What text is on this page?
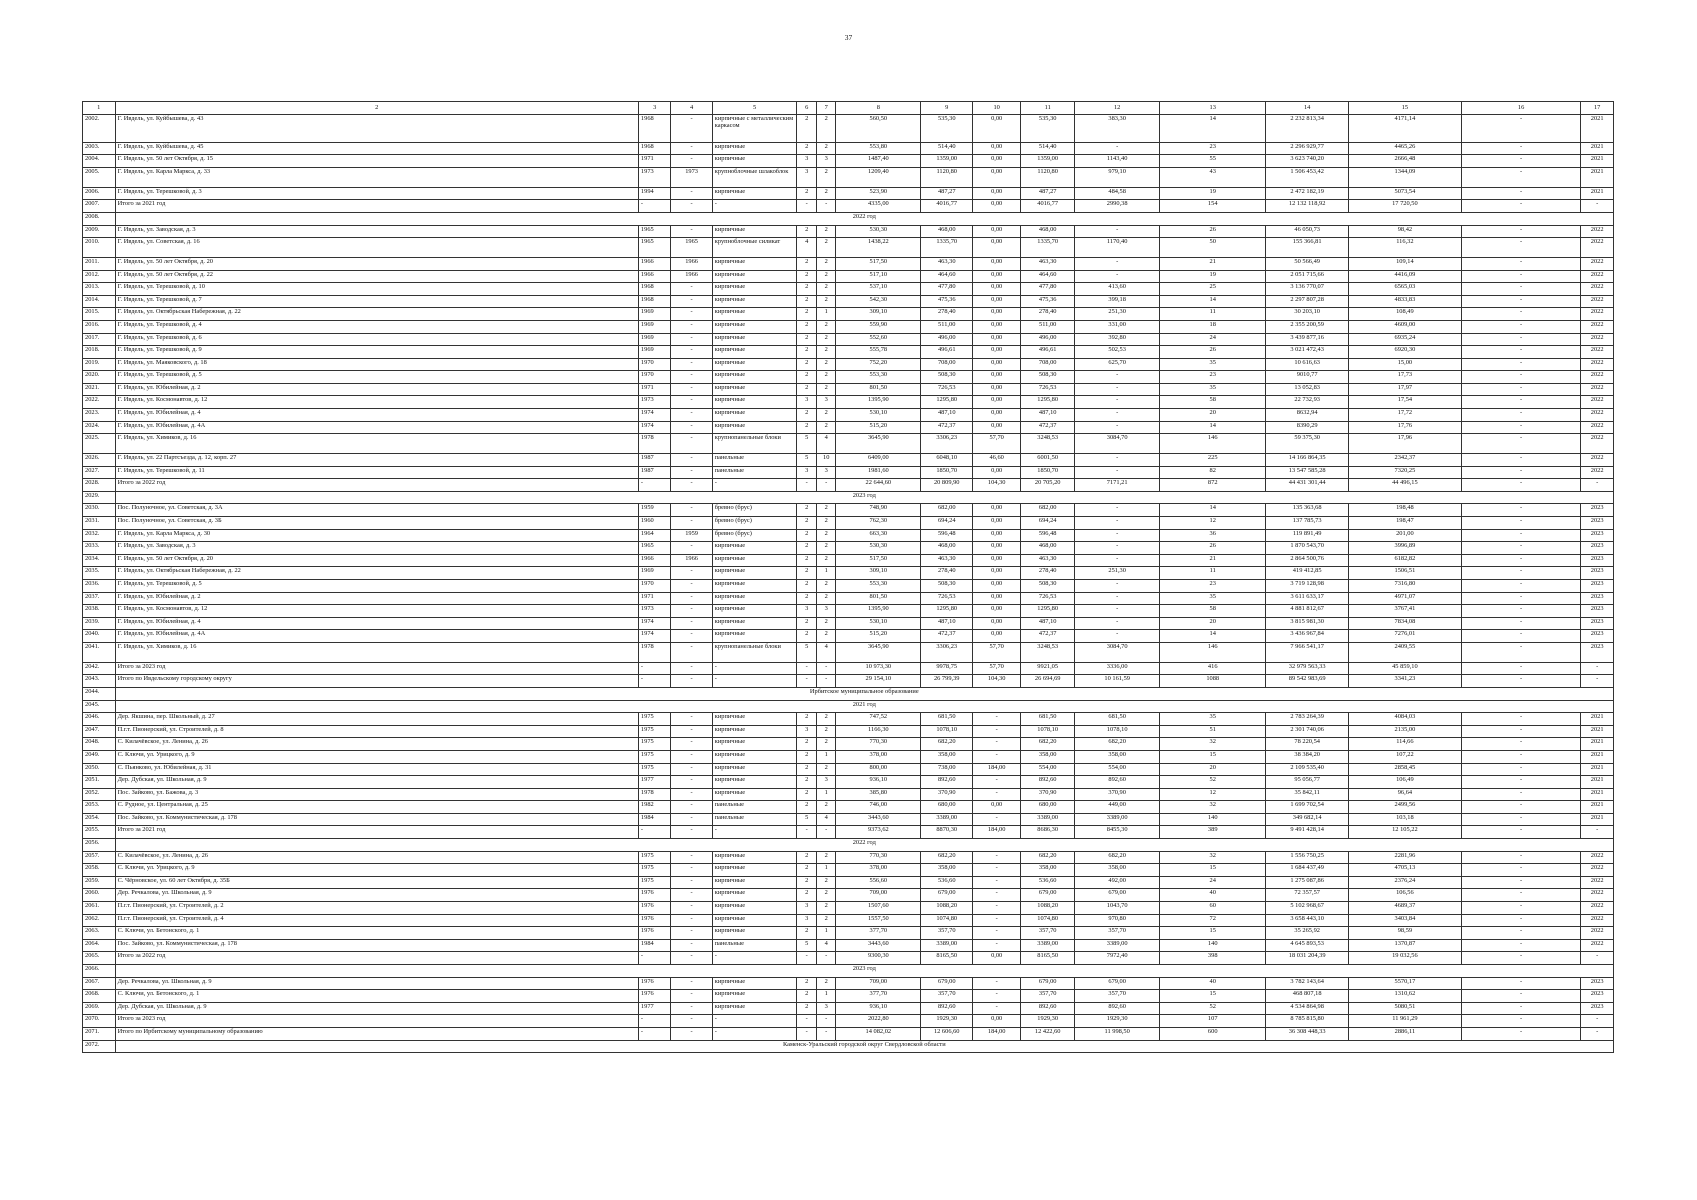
37
1	2	3	4	5	6	7	8	9	10	11	12	13	14	15	16	17
2002.	Г. Ивдель, ул. Куйбышева, д. 43	1968	-	кирпичные с металлическим каркасом	2	2	560,50	535,30	0,00	535,30	383,30	14	2 232 813,34	4171,14	-	2021
2003.	Г. Ивдель, ул. Куйбышева, д. 45	1968	-	кирпичные	2	2	553,80	514,40	0,00	514,40	-	23	2 296 929,77	4465,26	-	2021
2004.	Г. Ивдель, ул. 50 лет Октября, д. 15	1971	-	кирпичные	3	3	1487,40	1359,00	0,00	1359,00	1143,40	55	3 623 740,20	2666,48	-	2021
2005.	Г. Ивдель, ул. Карла Маркса, д. 33	1973	1973	крупноблочные шлакоблок	3	2	1209,40	1120,80	0,00	1120,80	979,10	43	1 506 453,42	1344,09	-	2021
2006.	Г. Ивдель, ул. Терешковой, д. 3	1994	-	кирпичные	2	2	523,90	487,27	0,00	487,27	484,58	19	2 472 182,19	5073,54	-	2021
2007.	Итого за 2021 год	-	-	-	-	-	4335,00	4016,77	0,00	4016,77	2990,38	154	12 132 118,92	17 720,50	-	-
2008.	2022 год															
2009.	Г. Ивдель, ул. Заводская, д. 3	1965	-	кирпичные	2	2	530,30	468,00	0,00	468,00	-	26	46 050,73	98,42	-	2022
2010.	Г. Ивдель, ул. Советская, д. 16	1965	1965	крупноблочные силикат	4	2	1438,22	1335,70	0,00	1335,70	1170,40	50	155 366,81	116,32	-	2022
2011.	Г. Ивдель, ул. 50 лет Октября, д. 20	1966	1966	кирпичные	2	2	517,50	463,30	0,00	463,30	-	21	50 566,49	109,14	-	2022
2012.	Г. Ивдель, ул. 50 лет Октября, д. 22	1966	1966	кирпичные	2	2	517,10	464,60	0,00	464,60	-	19	2 051 715,66	4416,09	-	2022
2013.	Г. Ивдель, ул. Терешковой, д. 10	1968	-	кирпичные	2	2	537,10	477,80	0,00	477,80	413,60	25	3 136 770,07	6565,03	-	2022
2014.	Г. Ивдель, ул. Терешковой, д. 7	1968	-	кирпичные	2	2	542,30	475,36	0,00	475,36	399,18	14	2 297 807,28	4833,83	-	2022
2015.	Г. Ивдель, ул. Октябрьская Набережная, д. 22	1969	-	кирпичные	2	1	309,10	278,40	0,00	278,40	251,30	11	30 203,10	108,49	-	2022
2016.	Г. Ивдель, ул. Терешковой, д. 4	1969	-	кирпичные	2	2	559,90	511,00	0,00	511,00	331,00	18	2 355 200,59	4609,00	-	2022
2017.	Г. Ивдель, ул. Терешковой, д. 6	1969	-	кирпичные	2	2	552,60	496,00	0,00	496,00	392,80	24	3 439 877,16	6935,24	-	2022
2018.	Г. Ивдель, ул. Терешковой, д. 9	1969	-	кирпичные	2	2	555,78	496,61	0,00	496,61	502,53	26	3 021 472,43	6920,30	-	2022
2019.	Г. Ивдель, ул. Маяковского, д. 18	1970	-	кирпичные	2	2	752,20	708,00	0,00	708,00	625,70	35	10 616,63	15,00	-	2022
2020.	Г. Ивдель, ул. Терешковой, д. 5	1970	-	кирпичные	2	2	553,30	508,30	0,00	508,30	-	23	9010,77	17,73	-	2022
2021.	Г. Ивдель, ул. Юбилейная, д. 2	1971	-	кирпичные	2	2	801,50	726,53	0,00	726,53	-	35	13 052,83	17,97	-	2022
2022.	Г. Ивдель, ул. Космонавтов, д. 12	1973	-	кирпичные	3	3	1395,90	1295,80	0,00	1295,80	-	58	22 732,93	17,54	-	2022
2023.	Г. Ивдель, ул. Юбилейная, д. 4	1974	-	кирпичные	2	2	530,10	487,10	0,00	487,10	-	20	8632,94	17,72	-	2022
2024.	Г. Ивдель, ул. Юбилейная, д. 4А	1974	-	кирпичные	2	2	515,20	472,37	0,00	472,37	-	14	8390,29	17,76	-	2022
2025.	Г. Ивдель, ул. Химиков, д. 16	1978	-	крупнопанельные блоки	5	4	3645,90	3306,23	57,70	3248,53	3084,70	146	59 375,30	17,96	-	2022
2026.	Г. Ивдель, ул. 22 Партсъезда, д. 12, корп. 27	1987	-	панельные	5	10	6409,00	6048,10	46,60	6001,50	-	225	14 166 864,35	2342,37	-	2022
2027.	Г. Ивдель, ул. Терешковой, д. 11	1987	-	панельные	3	3	1981,60	1850,70	0,00	1850,70	-	82	13 547 585,28	7320,25	-	2022
2028.	Итого за 2022 год	-	-	-	-	-	22 644,60	20 809,90	104,30	20 705,20	7171,21	872	44 431 301,44	44 496,15	-	-
2029.	2023 год															
2030.	Пос. Полуночное, ул. Советская, д. 3А	1959	-	бревно (брус)	2	2	748,90	682,00	0,00	682,00	-	14	135 363,68	198,48	-	2023
2031.	Пос. Полуночное, ул. Советская, д. 3Б	1960	-	бревно (брус)	2	2	762,30	694,24	0,00	694,24	-	12	137 785,73	198,47	-	2023
2032.	Г. Ивдель, ул. Карла Маркса, д. 30	1964	1959	бревно (брус)	2	2	663,30	596,48	0,00	596,48	-	36	119 891,49	201,00	-	2023
2033.	Г. Ивдель, ул. Заводская, д. 3	1965	-	кирпичные	2	2	530,30	468,00	0,00	468,00	-	26	1 870 543,70	3996,89	-	2023
2034.	Г. Ивдель, ул. 50 лет Октября, д. 20	1966	1966	кирпичные	2	2	517,50	463,30	0,00	463,30	-	21	2 864 500,76	6182,82	-	2023
2035.	Г. Ивдель, ул. Октябрьская Набережная, д. 22	1969	-	кирпичные	2	1	309,10	278,40	0,00	278,40	251,30	11	419 412,85	1506,51	-	2023
2036.	Г. Ивдель, ул. Терешковой, д. 5	1970	-	кирпичные	2	2	553,30	508,30	0,00	508,30	-	23	3 719 128,98	7316,80	-	2023
2037.	Г. Ивдель, ул. Юбилейная, д. 2	1971	-	кирпичные	2	2	801,50	726,53	0,00	726,53	-	35	3 611 633,17	4971,07	-	2023
2038.	Г. Ивдель, ул. Космонавтов, д. 12	1973	-	кирпичные	3	3	1395,90	1295,80	0,00	1295,80	-	58	4 881 812,67	3767,41	-	2023
2039.	Г. Ивдель, ул. Юбилейная, д. 4	1974	-	кирпичные	2	2	530,10	487,10	0,00	487,10	-	20	3 815 981,30	7834,08	-	2023
2040.	Г. Ивдель, ул. Юбилейная, д. 4А	1974	-	кирпичные	2	2	515,20	472,37	0,00	472,37	-	14	3 436 967,84	7276,01	-	2023
2041.	Г. Ивдель, ул. Химиков, д. 16	1978	-	крупнопанельные блоки	5	4	3645,90	3306,23	57,70	3248,53	3084,70	146	7 966 541,17	2409,55	-	2023
2042.	Итого за 2023 год	-	-	-	-	-	10 973,30	9978,75	57,70	9921,05	3336,00	416	32 979 563,33	45 859,10	-	-
2043.	Итого по Ивдельскому городскому округу	-	-	-	-	-	29 154,10	26 799,39	104,30	26 694,69	10 161,59	1088	89 542 983,69	3341,23	-	-
2044.	Ирбитское муниципальное образование															
2045.	2021 год															
2046.	Дер. Якшина, пер. Школьный, д. 27	1975	-	кирпичные	2	2	747,52	681,50	-	681,50	681,50	35	2 783 264,39	4084,03	-	2021
2047.	П.г.т. Пионерский, ул. Строителей, д. 8	1975	-	кирпичные	3	2	1166,30	1078,10	-	1078,10	1078,10	51	2 301 740,06	2135,00	-	2021
2048.	С. Килачёвское, ул. Ленина, д. 26	1975	-	кирпичные	2	2	770,30	682,20	-	682,20	682,20	32	78 220,54	114,66	-	2021
2049.	С. Ключи, ул. Урицкого, д. 9	1975	-	кирпичные	2	1	378,00	358,00	-	358,00	358,00	15	38 384,20	107,22	-	2021
2050.	С. Пьянково, ул. Юбилейная, д. 31	1975	-	кирпичные	2	2	800,00	738,00	184,00	554,00	554,00	20	2 109 535,40	2858,45	-	2021
2051.	Дер. Дубская, ул. Школьная, д. 9	1977	-	кирпичные	2	3	936,10	892,60	-	892,60	892,60	52	95 056,77	106,49	-	2021
2052.	Пос. Зайково, ул. Бажова, д. 3	1978	-	кирпичные	2	1	385,80	370,90	-	370,90	370,90	12	35 842,11	96,64	-	2021
2053.	С. Рудное, ул. Центральная, д. 25	1982	-	панельные	2	2	746,00	680,00	0,00	680,00	449,00	32	1 699 702,54	2499,56	-	2021
2054.	Пос. Зайково, ул. Коммунистическая, д. 178	1984	-	панельные	5	4	3443,60	3389,00	-	3389,00	3389,00	140	349 682,14	103,18	-	2021
2055.	Итого за 2021 год	-	-	-	-	-	9373,62	8870,30	184,00	8686,30	8455,30	389	9 491 428,14	12 105,22	-	-
2056.	2022 год															
2057.	С. Килачёвское, ул. Ленина, д. 26	1975	-	кирпичные	2	2	770,30	682,20	-	682,20	682,20	32	1 556 750,25	2281,96	-	2022
2058.	С. Ключи, ул. Урицкого, д. 9	1975	-	кирпичные	2	1	378,00	358,00	-	358,00	358,00	15	1 684 437,49	4705,13	-	2022
2059.	С. Чёрновское, ул. 60 лет Октября, д. 35Б	1975	-	кирпичные	2	2	556,60	536,60	-	536,60	492,00	24	1 275 087,86	2376,24	-	2022
2060.	Дер. Речкалова, ул. Школьная, д. 9	1976	-	кирпичные	2	2	709,00	679,00	-	679,00	679,00	40	72 357,57	106,56	-	2022
2061.	П.г.т. Пионерский, ул. Строителей, д. 2	1976	-	кирпичные	3	2	1507,60	1088,20	-	1088,20	1043,70	60	5 102 968,67	4689,37	-	2022
2062.	П.г.т. Пионерский, ул. Строителей, д. 4	1976	-	кирпичные	3	2	1557,50	1074,80	-	1074,80	970,80	72	3 658 443,10	3403,84	-	2022
2063.	С. Ключи, ул. Бетонского, д. 1	1976	-	кирпичные	2	1	377,70	357,70	-	357,70	357,70	15	35 265,92	98,59	-	2022
2064.	Пос. Зайково, ул. Коммунистическая, д. 178	1984	-	панельные	5	4	3443,60	3389,00	-	3389,00	3389,00	140	4 645 893,53	1370,87	-	2022
2065.	Итого за 2022 год	-	-	-	-	-	9300,30	8165,50	0,00	8165,50	7972,40	398	18 031 204,39	19 032,56	-	-
2066.	2023 год															
2067.	Дер. Речкалова, ул. Школьная, д. 9	1976	-	кирпичные	2	2	709,00	679,00	-	679,00	679,00	40	3 782 143,64	5570,17	-	2023
2068.	С. Ключи, ул. Бетонского, д. 1	1976	-	кирпичные	2	1	377,70	357,70	-	357,70	357,70	15	468 807,18	1310,62	-	2023
2069.	Дер. Дубская, ул. Школьная, д. 9	1977	-	кирпичные	2	3	936,10	892,60	-	892,60	892,60	52	4 534 864,98	5080,51	-	2023
2070.	Итого за 2023 год	-	-	-	-	-	2022,80	1929,30	0,00	1929,30	1929,30	107	8 785 815,80	11 961,29	-	-
2071.	Итого по Ирбитскому муниципальному образованию	-	-	-	-	-	14 082,02	12 606,60	184,00	12 422,60	11 998,50	600	36 308 448,33	2886,11	-	-
2072.	Каменск-Уральский городской округ Свердловской области															
